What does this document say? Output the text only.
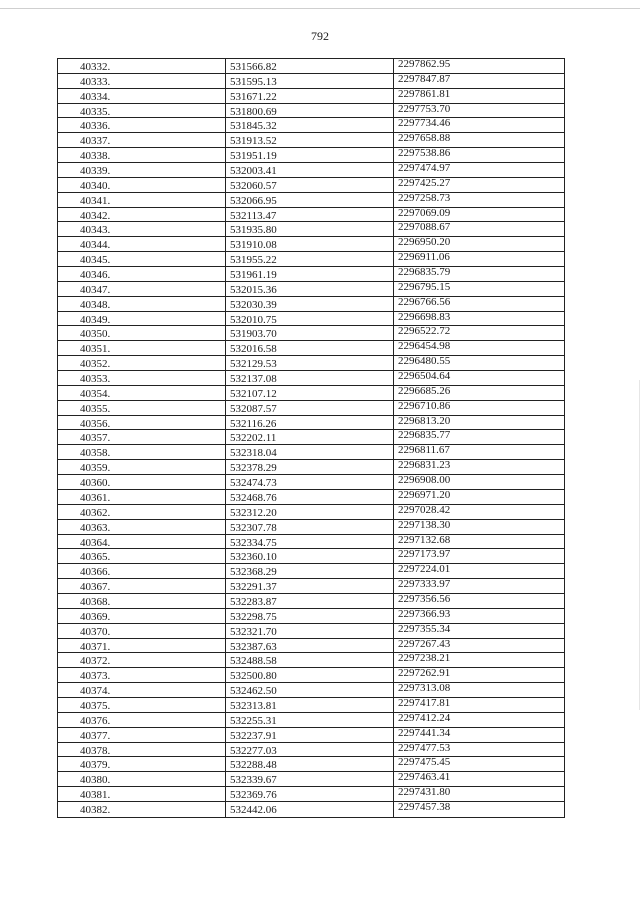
792
40332.	531566.82	2297862.95
40333.	531595.13	2297847.87
40334.	531671.22	2297861.81
40335.	531800.69	2297753.70
40336.	531845.32	2297734.46
40337.	531913.52	2297658.88
40338.	531951.19	2297538.86
40339.	532003.41	2297474.97
40340.	532060.57	2297425.27
40341.	532066.95	2297258.73
40342.	532113.47	2297069.09
40343.	531935.80	2297088.67
40344.	531910.08	2296950.20
40345.	531955.22	2296911.06
40346.	531961.19	2296835.79
40347.	532015.36	2296795.15
40348.	532030.39	2296766.56
40349.	532010.75	2296698.83
40350.	531903.70	2296522.72
40351.	532016.58	2296454.98
40352.	532129.53	2296480.55
40353.	532137.08	2296504.64
40354.	532107.12	2296685.26
40355.	532087.57	2296710.86
40356.	532116.26	2296813.20
40357.	532202.11	2296835.77
40358.	532318.04	2296811.67
40359.	532378.29	2296831.23
40360.	532474.73	2296908.00
40361.	532468.76	2296971.20
40362.	532312.20	2297028.42
40363.	532307.78	2297138.30
40364.	532334.75	2297132.68
40365.	532360.10	2297173.97
40366.	532368.29	2297224.01
40367.	532291.37	2297333.97
40368.	532283.87	2297356.56
40369.	532298.75	2297366.93
40370.	532321.70	2297355.34
40371.	532387.63	2297267.43
40372.	532488.58	2297238.21
40373.	532500.80	2297262.91
40374.	532462.50	2297313.08
40375.	532313.81	2297417.81
40376.	532255.31	2297412.24
40377.	532237.91	2297441.34
40378.	532277.03	2297477.53
40379.	532288.48	2297475.45
40380.	532339.67	2297463.41
40381.	532369.76	2297431.80
40382.	532442.06	2297457.38
